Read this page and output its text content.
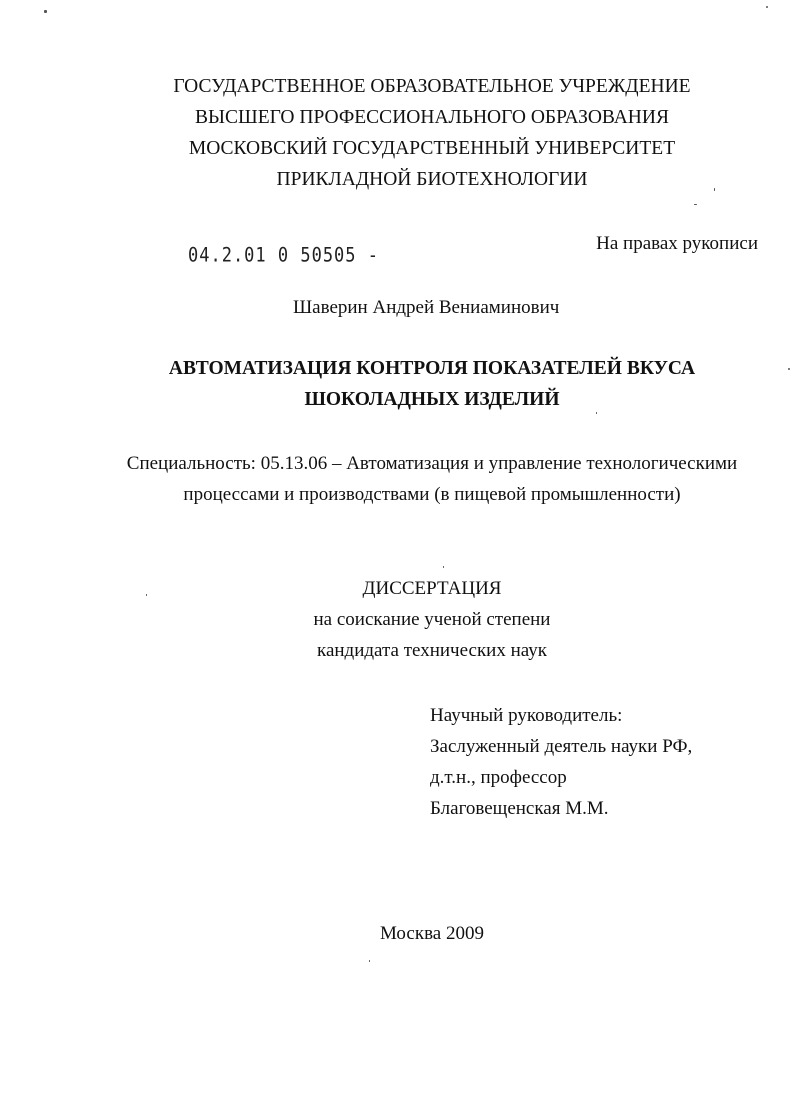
ГОСУДАРСТВЕННОЕ ОБРАЗОВАТЕЛЬНОЕ УЧРЕЖДЕНИЕ
ВЫСШЕГО ПРОФЕССИОНАЛЬНОГО ОБРАЗОВАНИЯ
МОСКОВСКИЙ ГОСУДАРСТВЕННЫЙ УНИВЕРСИТЕТ
ПРИКЛАДНОЙ БИОТЕХНОЛОГИИ
04.2.01 0 50505 -
На правах рукописи
Шаверин Андрей Вениаминович
АВТОМАТИЗАЦИЯ КОНТРОЛЯ ПОКАЗАТЕЛЕЙ ВКУСА
ШОКОЛАДНЫХ ИЗДЕЛИЙ
Специальность: 05.13.06 – Автоматизация и управление технологическими
процессами и производствами (в пищевой промышленности)
ДИССЕРТАЦИЯ
на соискание ученой степени
кандидата технических наук
Научный руководитель:
Заслуженный деятель науки РФ,
д.т.н., профессор
Благовещенская М.М.
Москва 2009
